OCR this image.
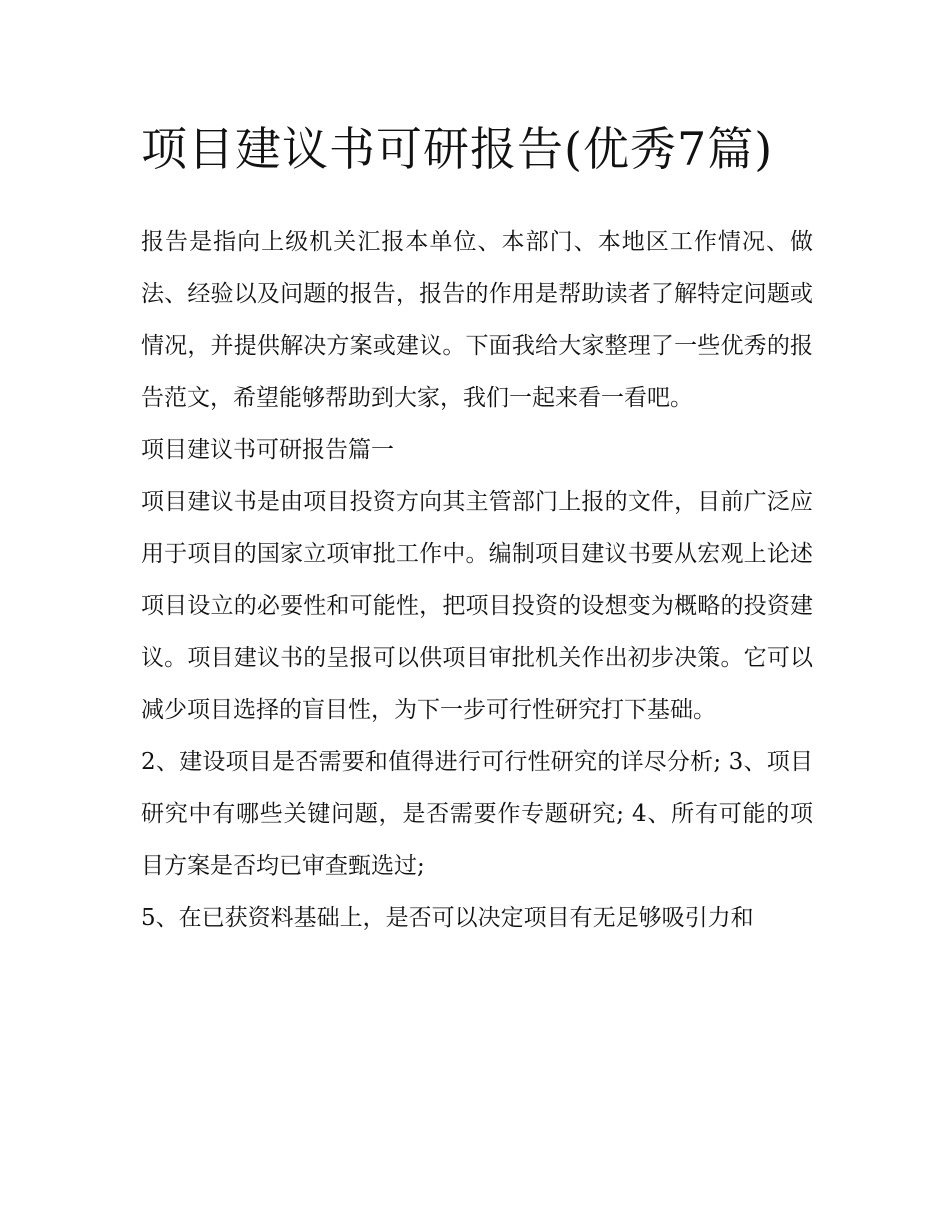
项目建议书可研报告(优秀7篇)

报告是指向上级机关汇报本单位、本部门、本地区工作情况、做法、经验以及问题的报告，报告的作用是帮助读者了解特定问题或情况，并提供解决方案或建议。下面我给大家整理了一些优秀的报告范文，希望能够帮助到大家，我们一起来看一看吧。

项目建议书可研报告篇一

项目建议书是由项目投资方向其主管部门上报的文件，目前广泛应用于项目的国家立项审批工作中。编制项目建议书要从宏观上论述项目设立的必要性和可能性，把项目投资的设想变为概略的投资建议。项目建议书的呈报可以供项目审批机关作出初步决策。它可以减少项目选择的盲目性，为下一步可行性研究打下基础。

2、建设项目是否需要和值得进行可行性研究的详尽分析; 3、项目研究中有哪些关键问题，是否需要作专题研究; 4、所有可能的项目方案是否均已审查甄选过;

5、在已获资料基础上，是否可以决定项目有无足够吸引力和
